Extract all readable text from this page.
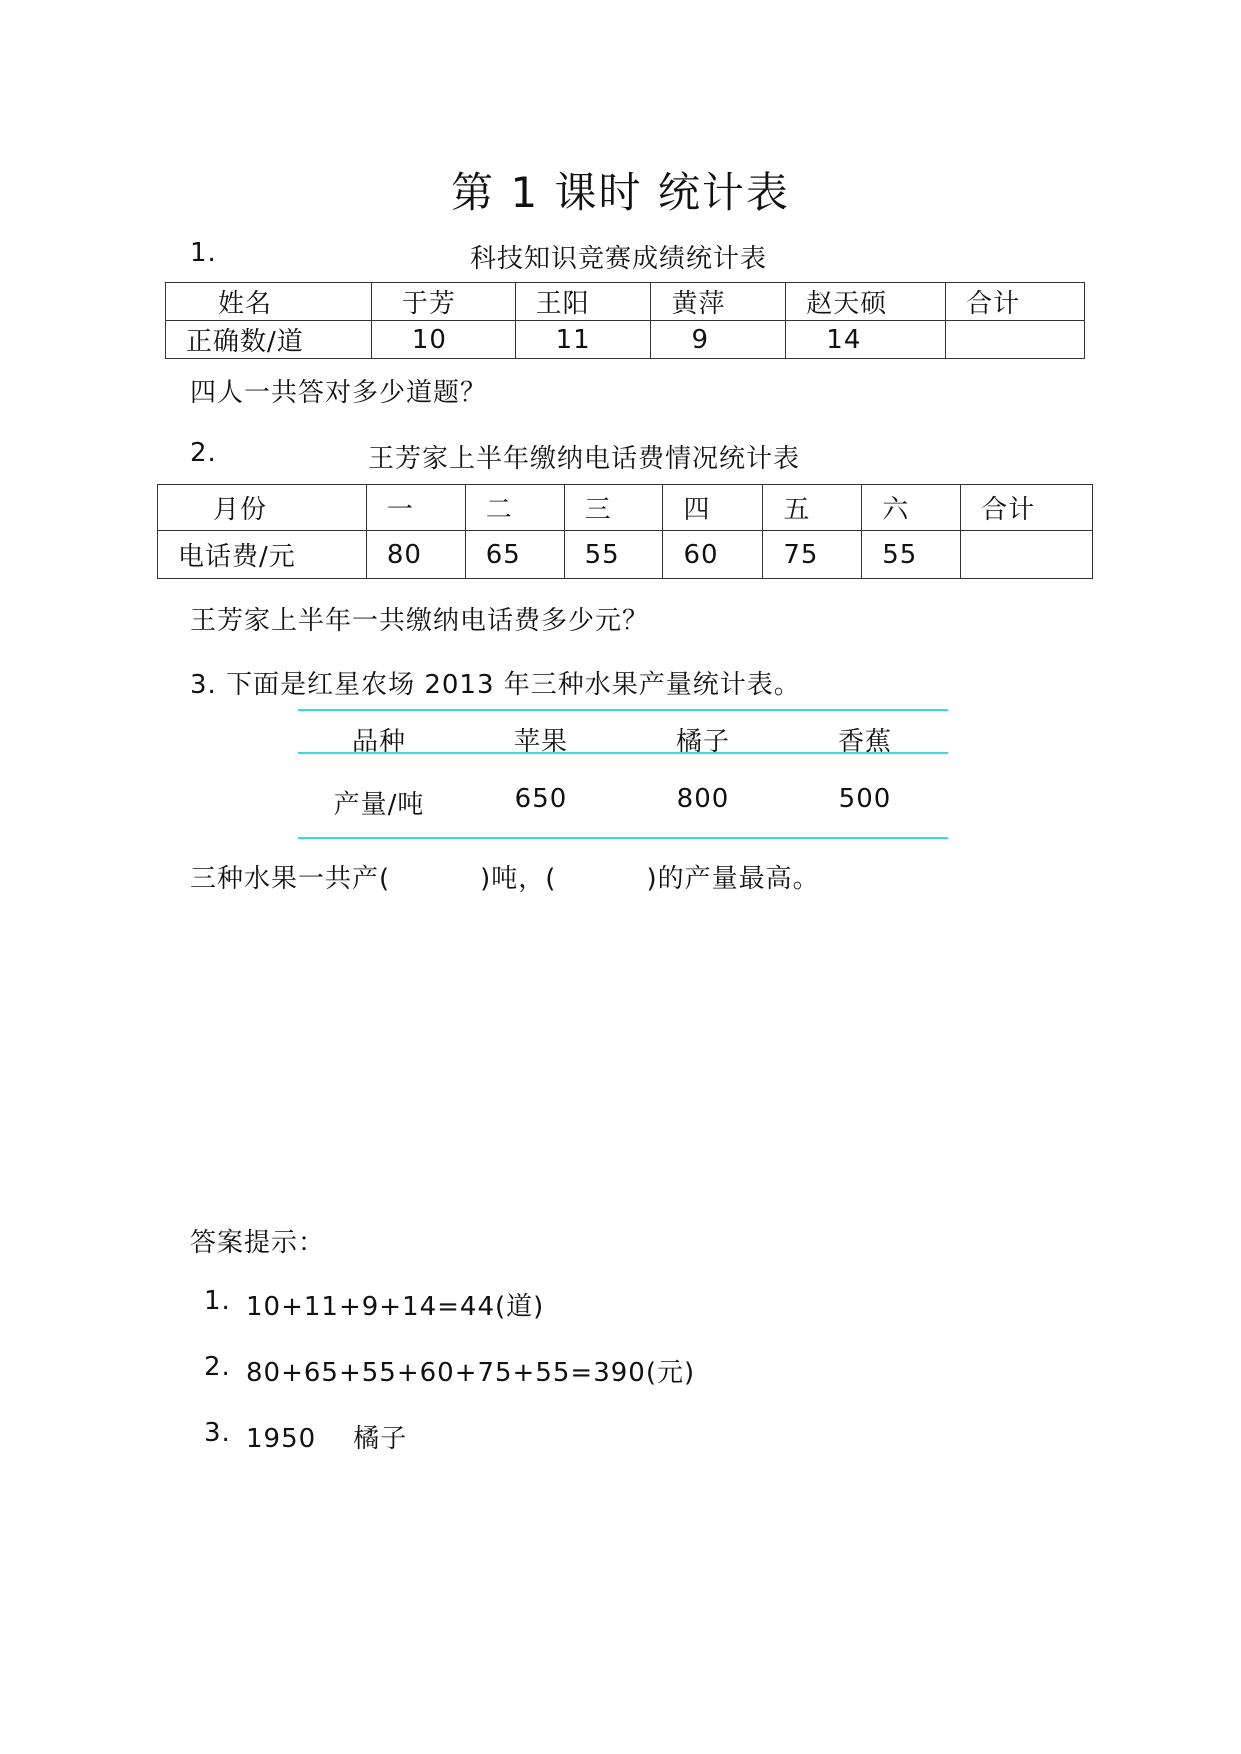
第 1 课时 统计表
1.	科技知识竞赛成绩统计表
姓名	于芳	王阳	黄萍	赵天硕	合计
正确数/道	10	11	9	14	
四人一共答对多少道题？
2.	王芳家上半年缴纳电话费情况统计表
月份	一	二	三	四	五	六	合计
电话费/元	80	65	55	60	75	55	
王芳家上半年一共缴纳电话费多少元？
3. 下面是红星农场 2013 年三种水果产量统计表。
品种	苹果	橘子	香蕉
产量/吨	650	800	500
三种水果一共产(	)吨，(	)的产量最高。
答案提示：
1. 10+11+9+14=44(道)
2. 80+65+55+60+75+55=390(元)
3. 1950    橘子
